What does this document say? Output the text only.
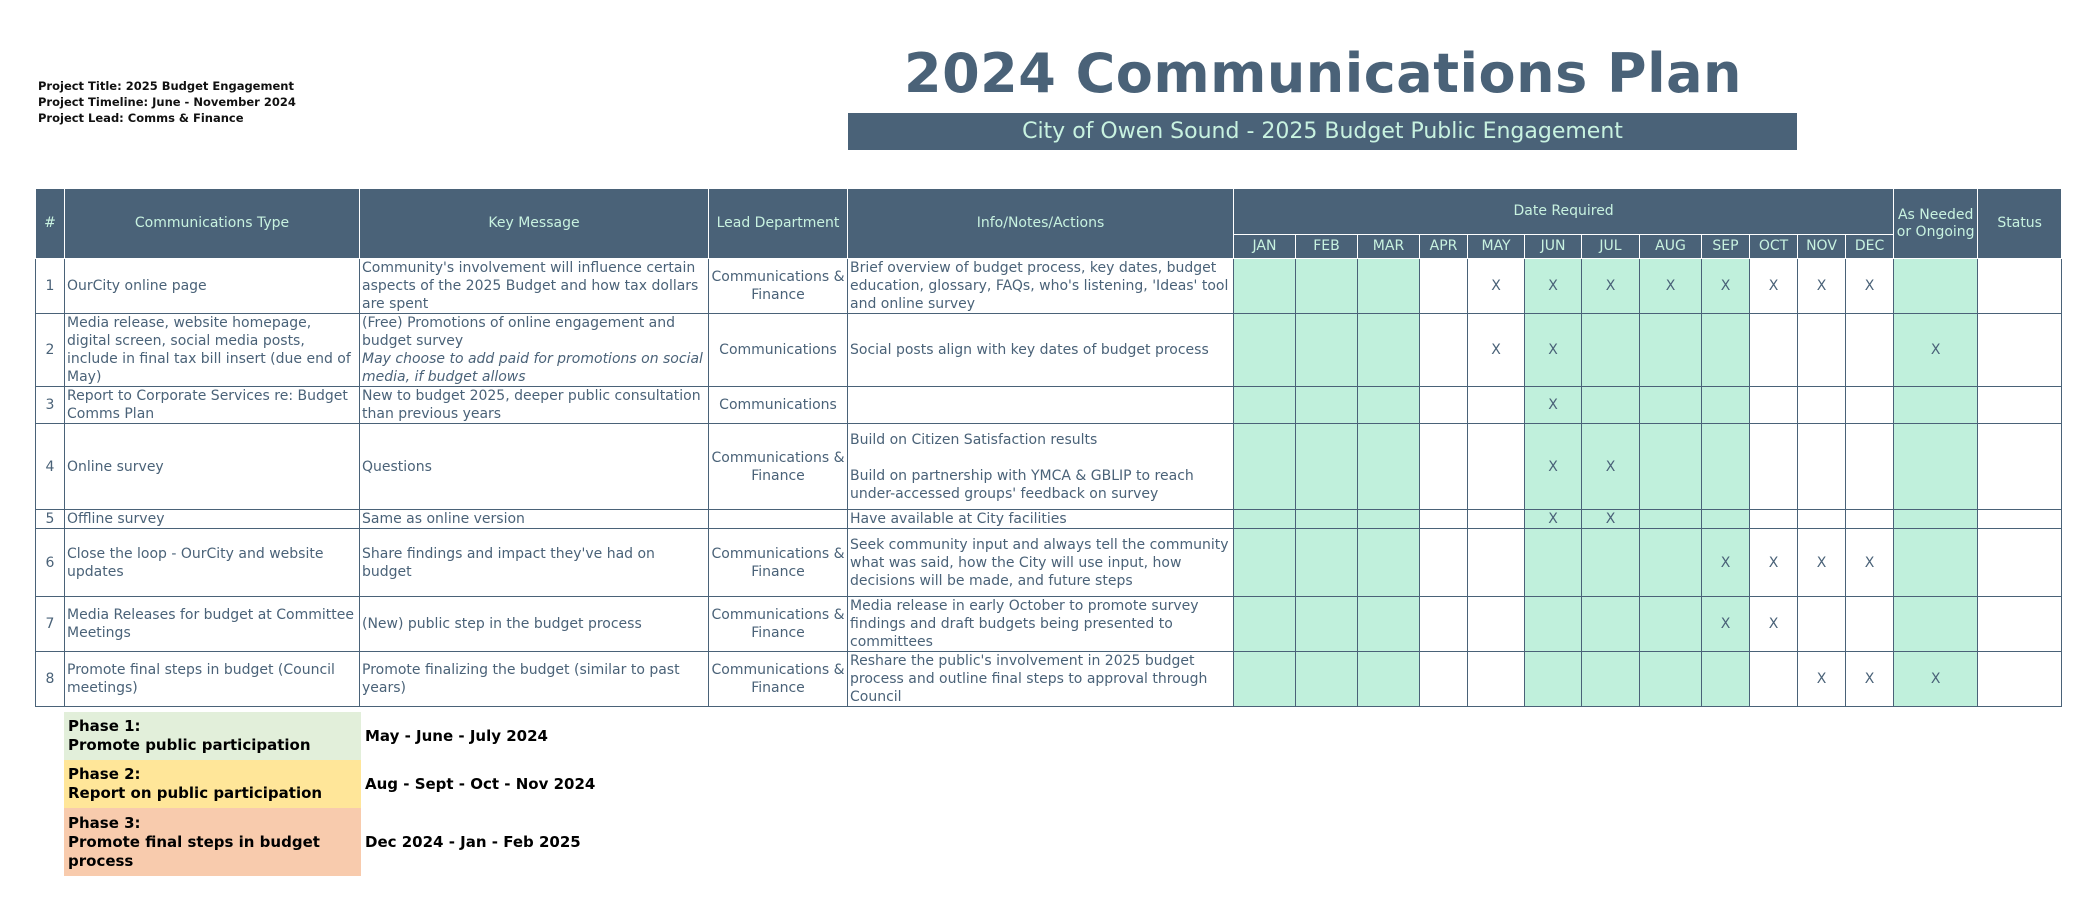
Project Title: 2025 Budget Engagement
Project Timeline: June - November 2024
Project Lead: Comms & Finance
2024 Communications Plan
City of Owen Sound - 2025 Budget Public Engagement
#	Communications Type	Key Message	Lead Department	Info/Notes/Actions	Date Required												As Needed or Ongoing	Status
					JAN	FEB	MAR	APR	MAY	JUN	JUL	AUG	SEP	OCT	NOV	DEC		
1	OurCity online page	Community's involvement will influence certain aspects of the 2025 Budget and how tax dollars are spent	Communications & Finance	Brief overview of budget process, key dates, budget education, glossary, FAQs, who's listening, 'Ideas' tool and online survey					X	X	X	X	X	X	X	X		
2	Media release, website homepage, digital screen, social media posts, include in final tax bill insert (due end of May)	(Free) Promotions of online engagement and budget survey
May choose to add paid for promotions on social media, if budget allows	Communications	Social posts align with key dates of budget process					X	X							X	
3	Report to Corporate Services re: Budget Comms Plan	New to budget 2025, deeper public consultation than previous years	Communications							X								
4	Online survey	Questions	Communications & Finance	Build on Citizen Satisfaction results
Build on partnership with YMCA & GBLIP to reach under-accessed groups' feedback on survey						X	X							
5	Offline survey	Same as online version		Have available at City facilities						X	X							
6	Close the loop - OurCity and website updates	Share findings and impact they've had on budget	Communications & Finance	Seek community input and always tell the community what was said, how the City will use input, how decisions will be made, and future steps									X	X	X	X		
7	Media Releases for budget at Committee Meetings	(New) public step in the budget process	Communications & Finance	Media release in early October to promote survey findings and draft budgets being presented to committees									X	X				
8	Promote final steps in budget (Council meetings)	Promote finalizing the budget (similar to past years)	Communications & Finance	Reshare the public's involvement in 2025 budget process and outline final steps to approval through Council											X	X	X	
Phase 1:
Promote public participation	May - June - July 2024

Phase 2:
Report on public participation	Aug - Sept - Oct - Nov 2024

Phase 3:
Promote final steps in budget process	Dec 2024 - Jan - Feb 2025
